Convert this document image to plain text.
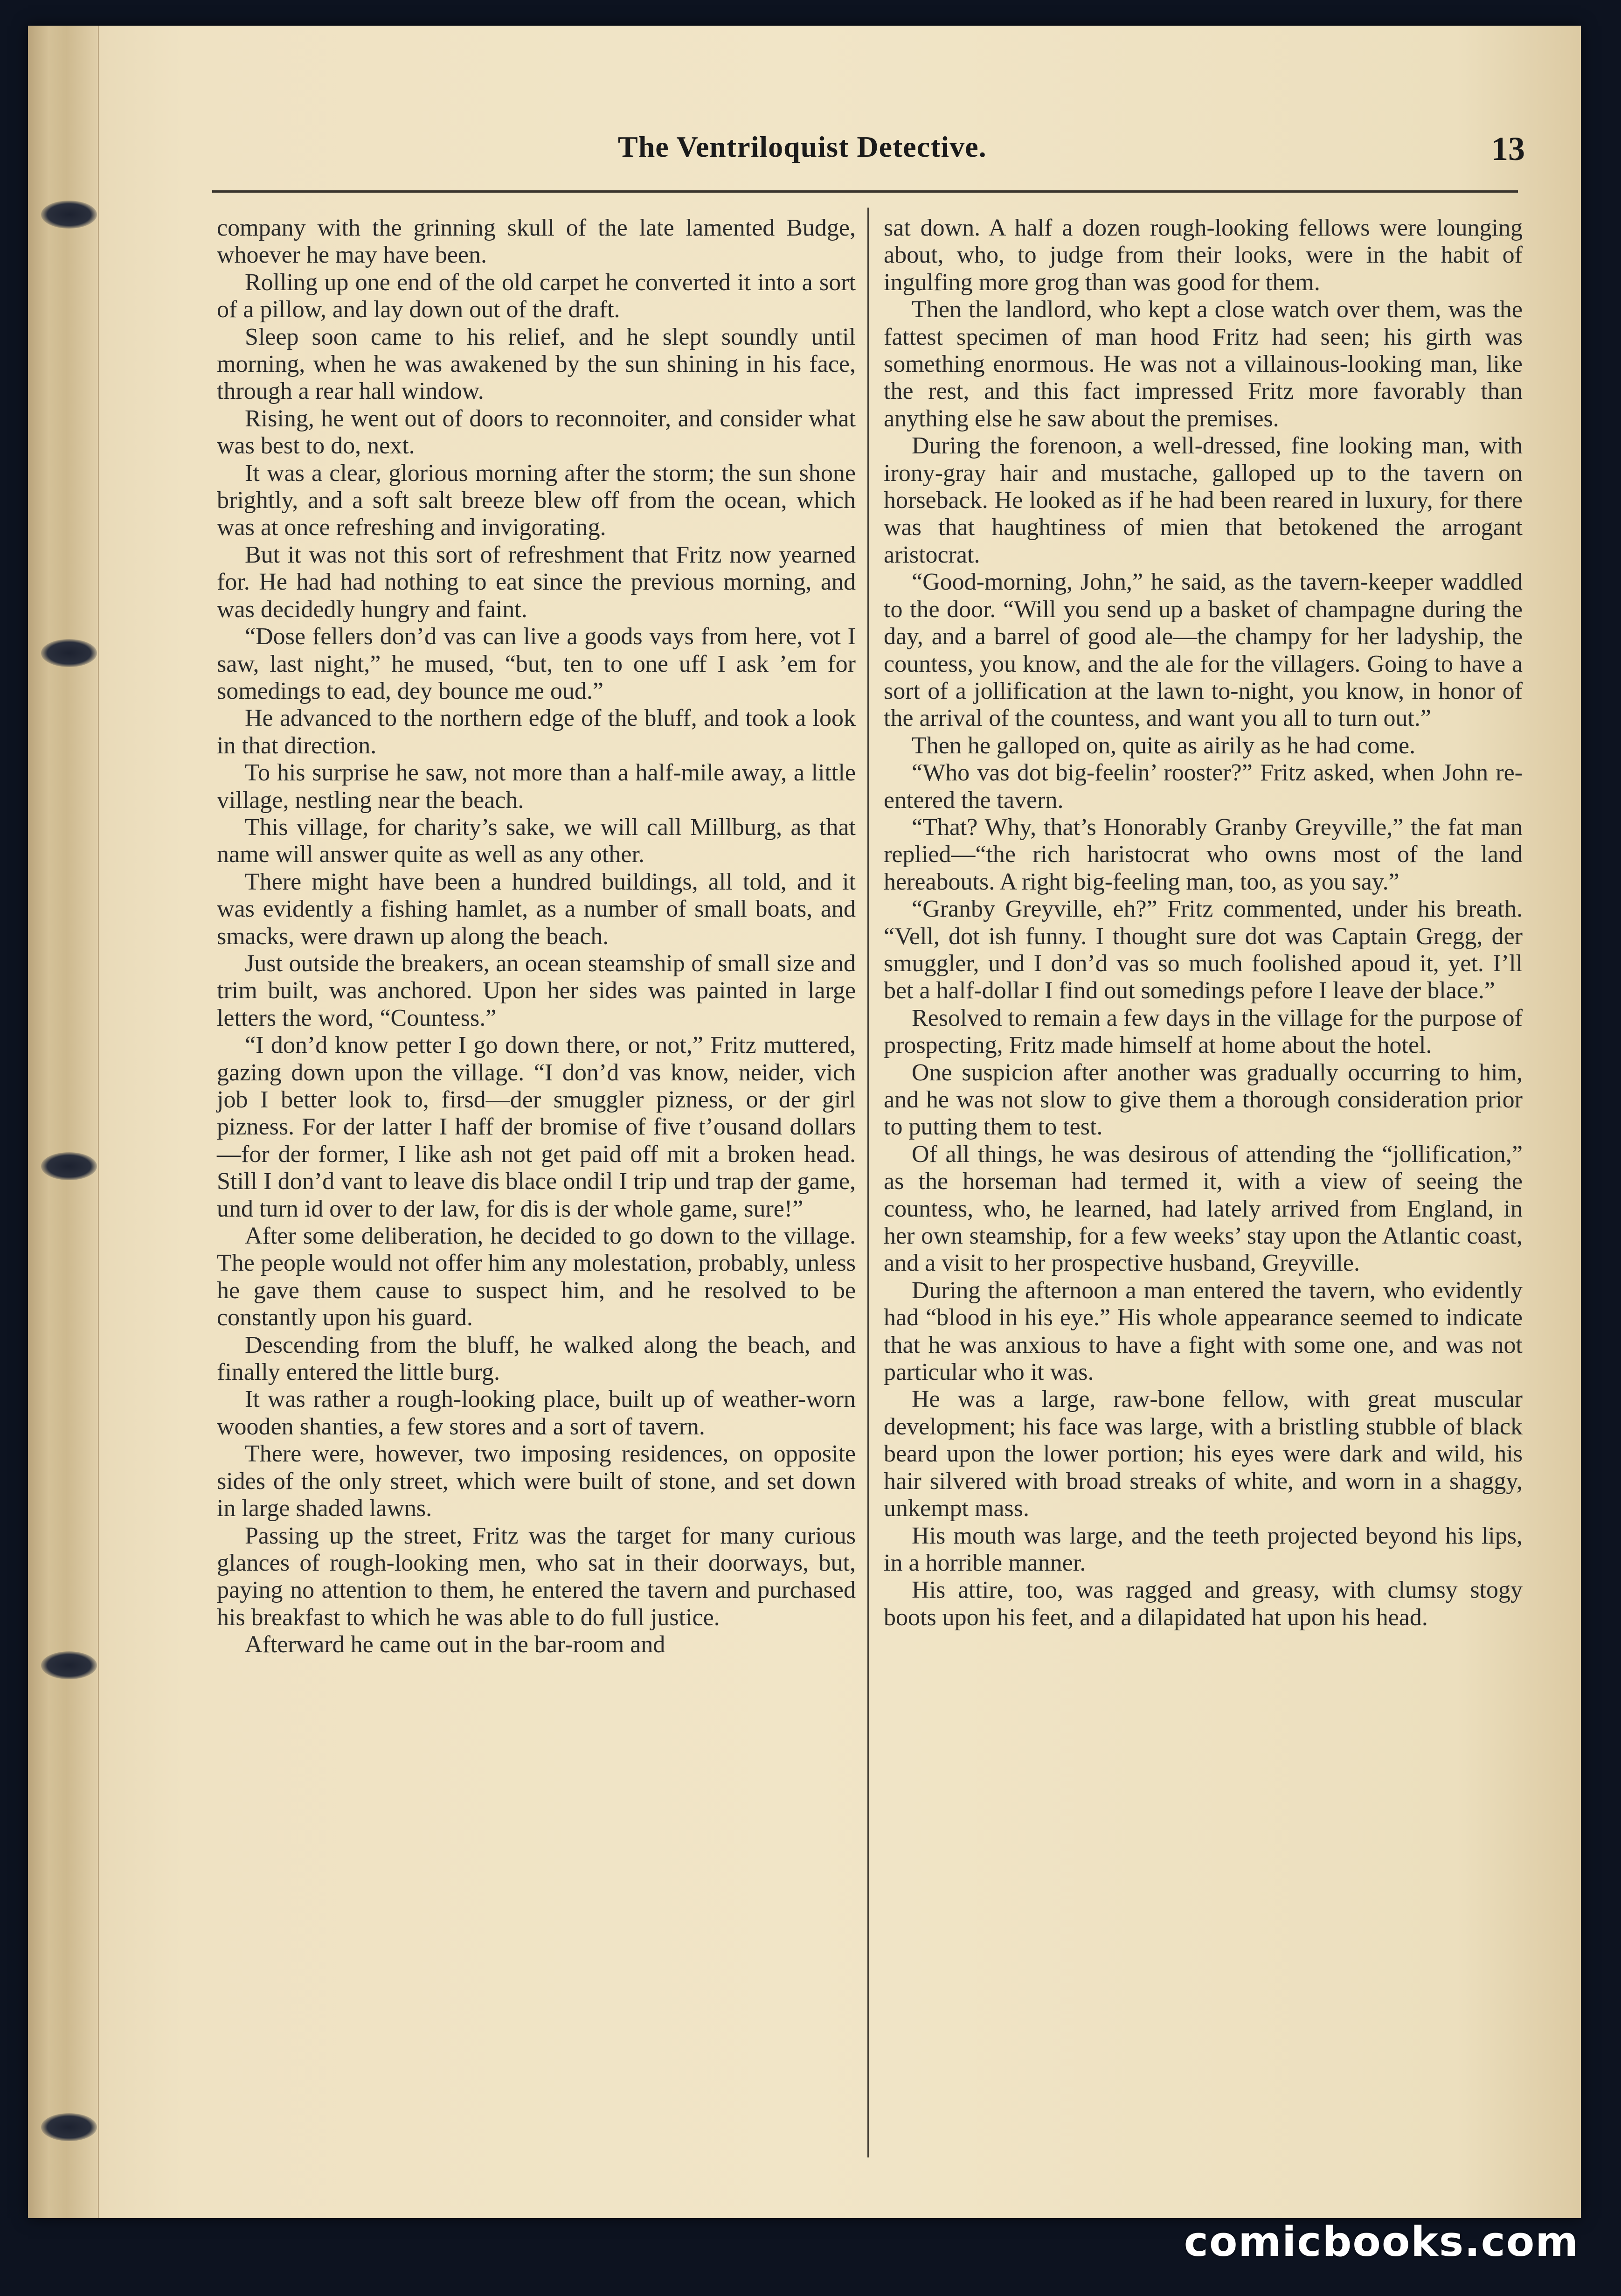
The Ventriloquist Detective.	13

company with the grinning skull of the late lamented Budge, whoever he may have been.

Rolling up one end of the old carpet he converted it into a sort of a pillow, and lay down out of the draft.

Sleep soon came to his relief, and he slept soundly until morning, when he was awakened by the sun shining in his face, through a rear hall window.

Rising, he went out of doors to reconnoiter, and consider what was best to do, next.

It was a clear, glorious morning after the storm; the sun shone brightly, and a soft salt breeze blew off from the ocean, which was at once refreshing and invigorating.

But it was not this sort of refreshment that Fritz now yearned for. He had had nothing to eat since the previous morning, and was decidedly hungry and faint.

“Dose fellers don’d vas can live a goods vays from here, vot I saw, last night,” he mused, “but, ten to one uff I ask ’em for somedings to ead, dey bounce me oud.”

He advanced to the northern edge of the bluff, and took a look in that direction.

To his surprise he saw, not more than a half-mile away, a little village, nestling near the beach.

This village, for charity’s sake, we will call Millburg, as that name will answer quite as well as any other.

There might have been a hundred buildings, all told, and it was evidently a fishing hamlet, as a number of small boats, and smacks, were drawn up along the beach.

Just outside the breakers, an ocean steamship of small size and trim built, was anchored. Upon her sides was painted in large letters the word, “Countess.”

“I don’d know petter I go down there, or not,” Fritz muttered, gazing down upon the village. “I don’d vas know, neider, vich job I better look to, firsd—der smuggler pizness, or der girl pizness. For der latter I haff der bromise of five t’ousand dollars—for der former, I like ash not get paid off mit a broken head. Still I don’d vant to leave dis blace ondil I trip und trap der game, und turn id over to der law, for dis is der whole game, sure!”

After some deliberation, he decided to go down to the village. The people would not offer him any molestation, probably, unless he gave them cause to suspect him, and he resolved to be constantly upon his guard.

Descending from the bluff, he walked along the beach, and finally entered the little burg.

It was rather a rough-looking place, built up of weather-worn wooden shanties, a few stores and a sort of tavern.

There were, however, two imposing residences, on opposite sides of the only street, which were built of stone, and set down in large shaded lawns.

Passing up the street, Fritz was the target for many curious glances of rough-looking men, who sat in their doorways, but, paying no attention to them, he entered the tavern and purchased his breakfast to which he was able to do full justice.

Afterward he came out in the bar-room and

sat down. A half a dozen rough-looking fellows were lounging about, who, to judge from their looks, were in the habit of ingulfing more grog than was good for them.

Then the landlord, who kept a close watch over them, was the fattest specimen of man hood Fritz had seen; his girth was something enormous. He was not a villainous-looking man, like the rest, and this fact impressed Fritz more favorably than anything else he saw about the premises.

During the forenoon, a well-dressed, fine looking man, with irony-gray hair and mustache, galloped up to the tavern on horseback. He looked as if he had been reared in luxury, for there was that haughtiness of mien that betokened the arrogant aristocrat.

“Good-morning, John,” he said, as the tavern-keeper waddled to the door. “Will you send up a basket of champagne during the day, and a barrel of good ale—the champy for her ladyship, the countess, you know, and the ale for the villagers. Going to have a sort of a jollification at the lawn to-night, you know, in honor of the arrival of the countess, and want you all to turn out.”

Then he galloped on, quite as airily as he had come.

“Who vas dot big-feelin’ rooster?” Fritz asked, when John re-entered the tavern.

“That? Why, that’s Honorably Granby Greyville,” the fat man replied—“the rich haristocrat who owns most of the land hereabouts. A right big-feeling man, too, as you say.”

“Granby Greyville, eh?” Fritz commented, under his breath. “Vell, dot ish funny. I thought sure dot was Captain Gregg, der smuggler, und I don’d vas so much foolished apoud it, yet. I’ll bet a half-dollar I find out somedings pefore I leave der blace.”

Resolved to remain a few days in the village for the purpose of prospecting, Fritz made himself at home about the hotel.

One suspicion after another was gradually occurring to him, and he was not slow to give them a thorough consideration prior to putting them to test.

Of all things, he was desirous of attending the “jollification,” as the horseman had termed it, with a view of seeing the countess, who, he learned, had lately arrived from England, in her own steamship, for a few weeks’ stay upon the Atlantic coast, and a visit to her prospective husband, Greyville.

During the afternoon a man entered the tavern, who evidently had “blood in his eye.” His whole appearance seemed to indicate that he was anxious to have a fight with some one, and was not particular who it was.

He was a large, raw-bone fellow, with great muscular development; his face was large, with a bristling stubble of black beard upon the lower portion; his eyes were dark and wild, his hair silvered with broad streaks of white, and worn in a shaggy, unkempt mass.

His mouth was large, and the teeth projected beyond his lips, in a horrible manner.

His attire, too, was ragged and greasy, with clumsy stogy boots upon his feet, and a dilapidated hat upon his head.

comicbooks.com
